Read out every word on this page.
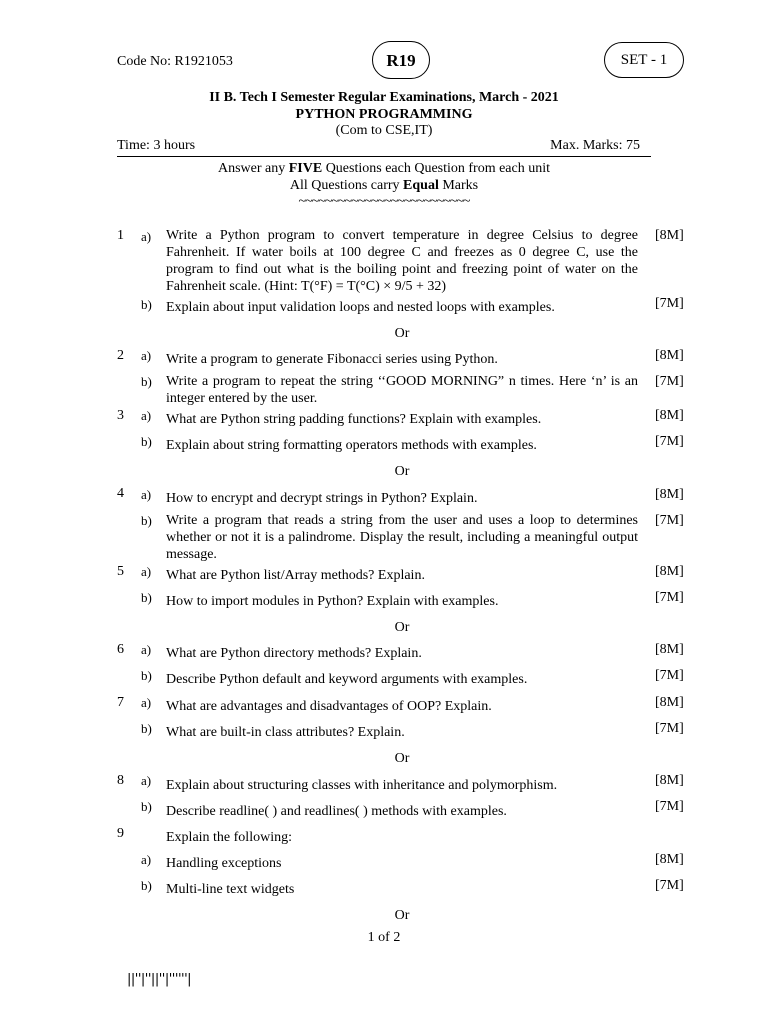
Code No: R1921053	R19	SET - 1
II B. Tech I Semester Regular Examinations, March - 2021
PYTHON PROGRAMMING
(Com to CSE,IT)
Time: 3 hours	Max. Marks: 75
Answer any FIVE Questions each Question from each unit
All Questions carry Equal Marks
~~~~~~~~~~~~~~~~~~~~~~~~~~
1 a) Write a Python program to convert temperature in degree Celsius to degree Fahrenheit. If water boils at 100 degree C and freezes as 0 degree C, use the program to find out what is the boiling point and freezing point of water on the Fahrenheit scale. (Hint: T(°F) = T(°C) × 9/5 + 32)
[8M]
b) Explain about input validation loops and nested loops with examples.	[7M]
Or
2 a) Write a program to generate Fibonacci series using Python.	[8M]
b) Write a program to repeat the string ‘‘GOOD MORNING” n times. Here ‘n’ is an integer entered by the user.
[7M]
3 a) What are Python string padding functions? Explain with examples.	[8M]
b) Explain about string formatting operators methods with examples.	[7M]
Or
4 a) How to encrypt and decrypt strings in Python? Explain.	[8M]
b) Write a program that reads a string from the user and uses a loop to determines whether or not it is a palindrome. Display the result, including a meaningful output message.
[7M]
5 a) What are Python list/Array methods? Explain.	[8M]
b) How to import modules in Python? Explain with examples.	[7M]
Or
6 a) What are Python directory methods? Explain.	[8M]
b) Describe Python default and keyword arguments with examples.	[7M]
7 a) What are advantages and disadvantages of OOP? Explain.	[8M]
b) What are built-in class attributes? Explain.	[7M]
Or
8 a) Explain about structuring classes with inheritance and polymorphism.	[8M]
b) Describe readline( ) and readlines( ) methods with examples.	[7M]
9	Explain the following:
a) Handling exceptions	[8M]
b) Multi-line text widgets	[7M]
Or
1 of 2
||''|''||''|''''''|
